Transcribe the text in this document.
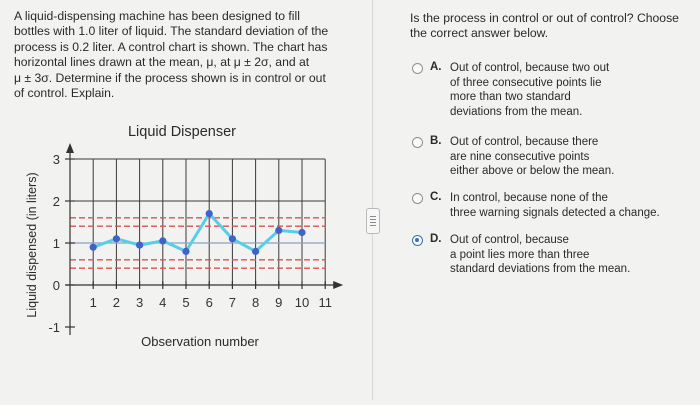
A liquid-dispensing machine has been designed to fill
bottles with 1.0 liter of liquid. The standard deviation of the
process is 0.2 liter. A control chart is shown. The chart has
horizontal lines drawn at the mean, μ, at μ ± 2σ, and at
μ ± 3σ. Determine if the process shown is in control or out
of control. Explain.
-1
0
1
2
3
1 2 3 4 5 6 7 8 9 10 11
Liquid Dispenser
Observation number
Liquid dispensed (in liters)
Is the process in control or out of control? Choose
the correct answer below.
A. Out of control, because two out
of three consecutive points lie
more than two standard
deviations from the mean.
B. Out of control, because there
are nine consecutive points
either above or below the mean.
C. In control, because none of the
three warning signals detected a change.
D. Out of control, because
a point lies more than three
standard deviations from the mean.
